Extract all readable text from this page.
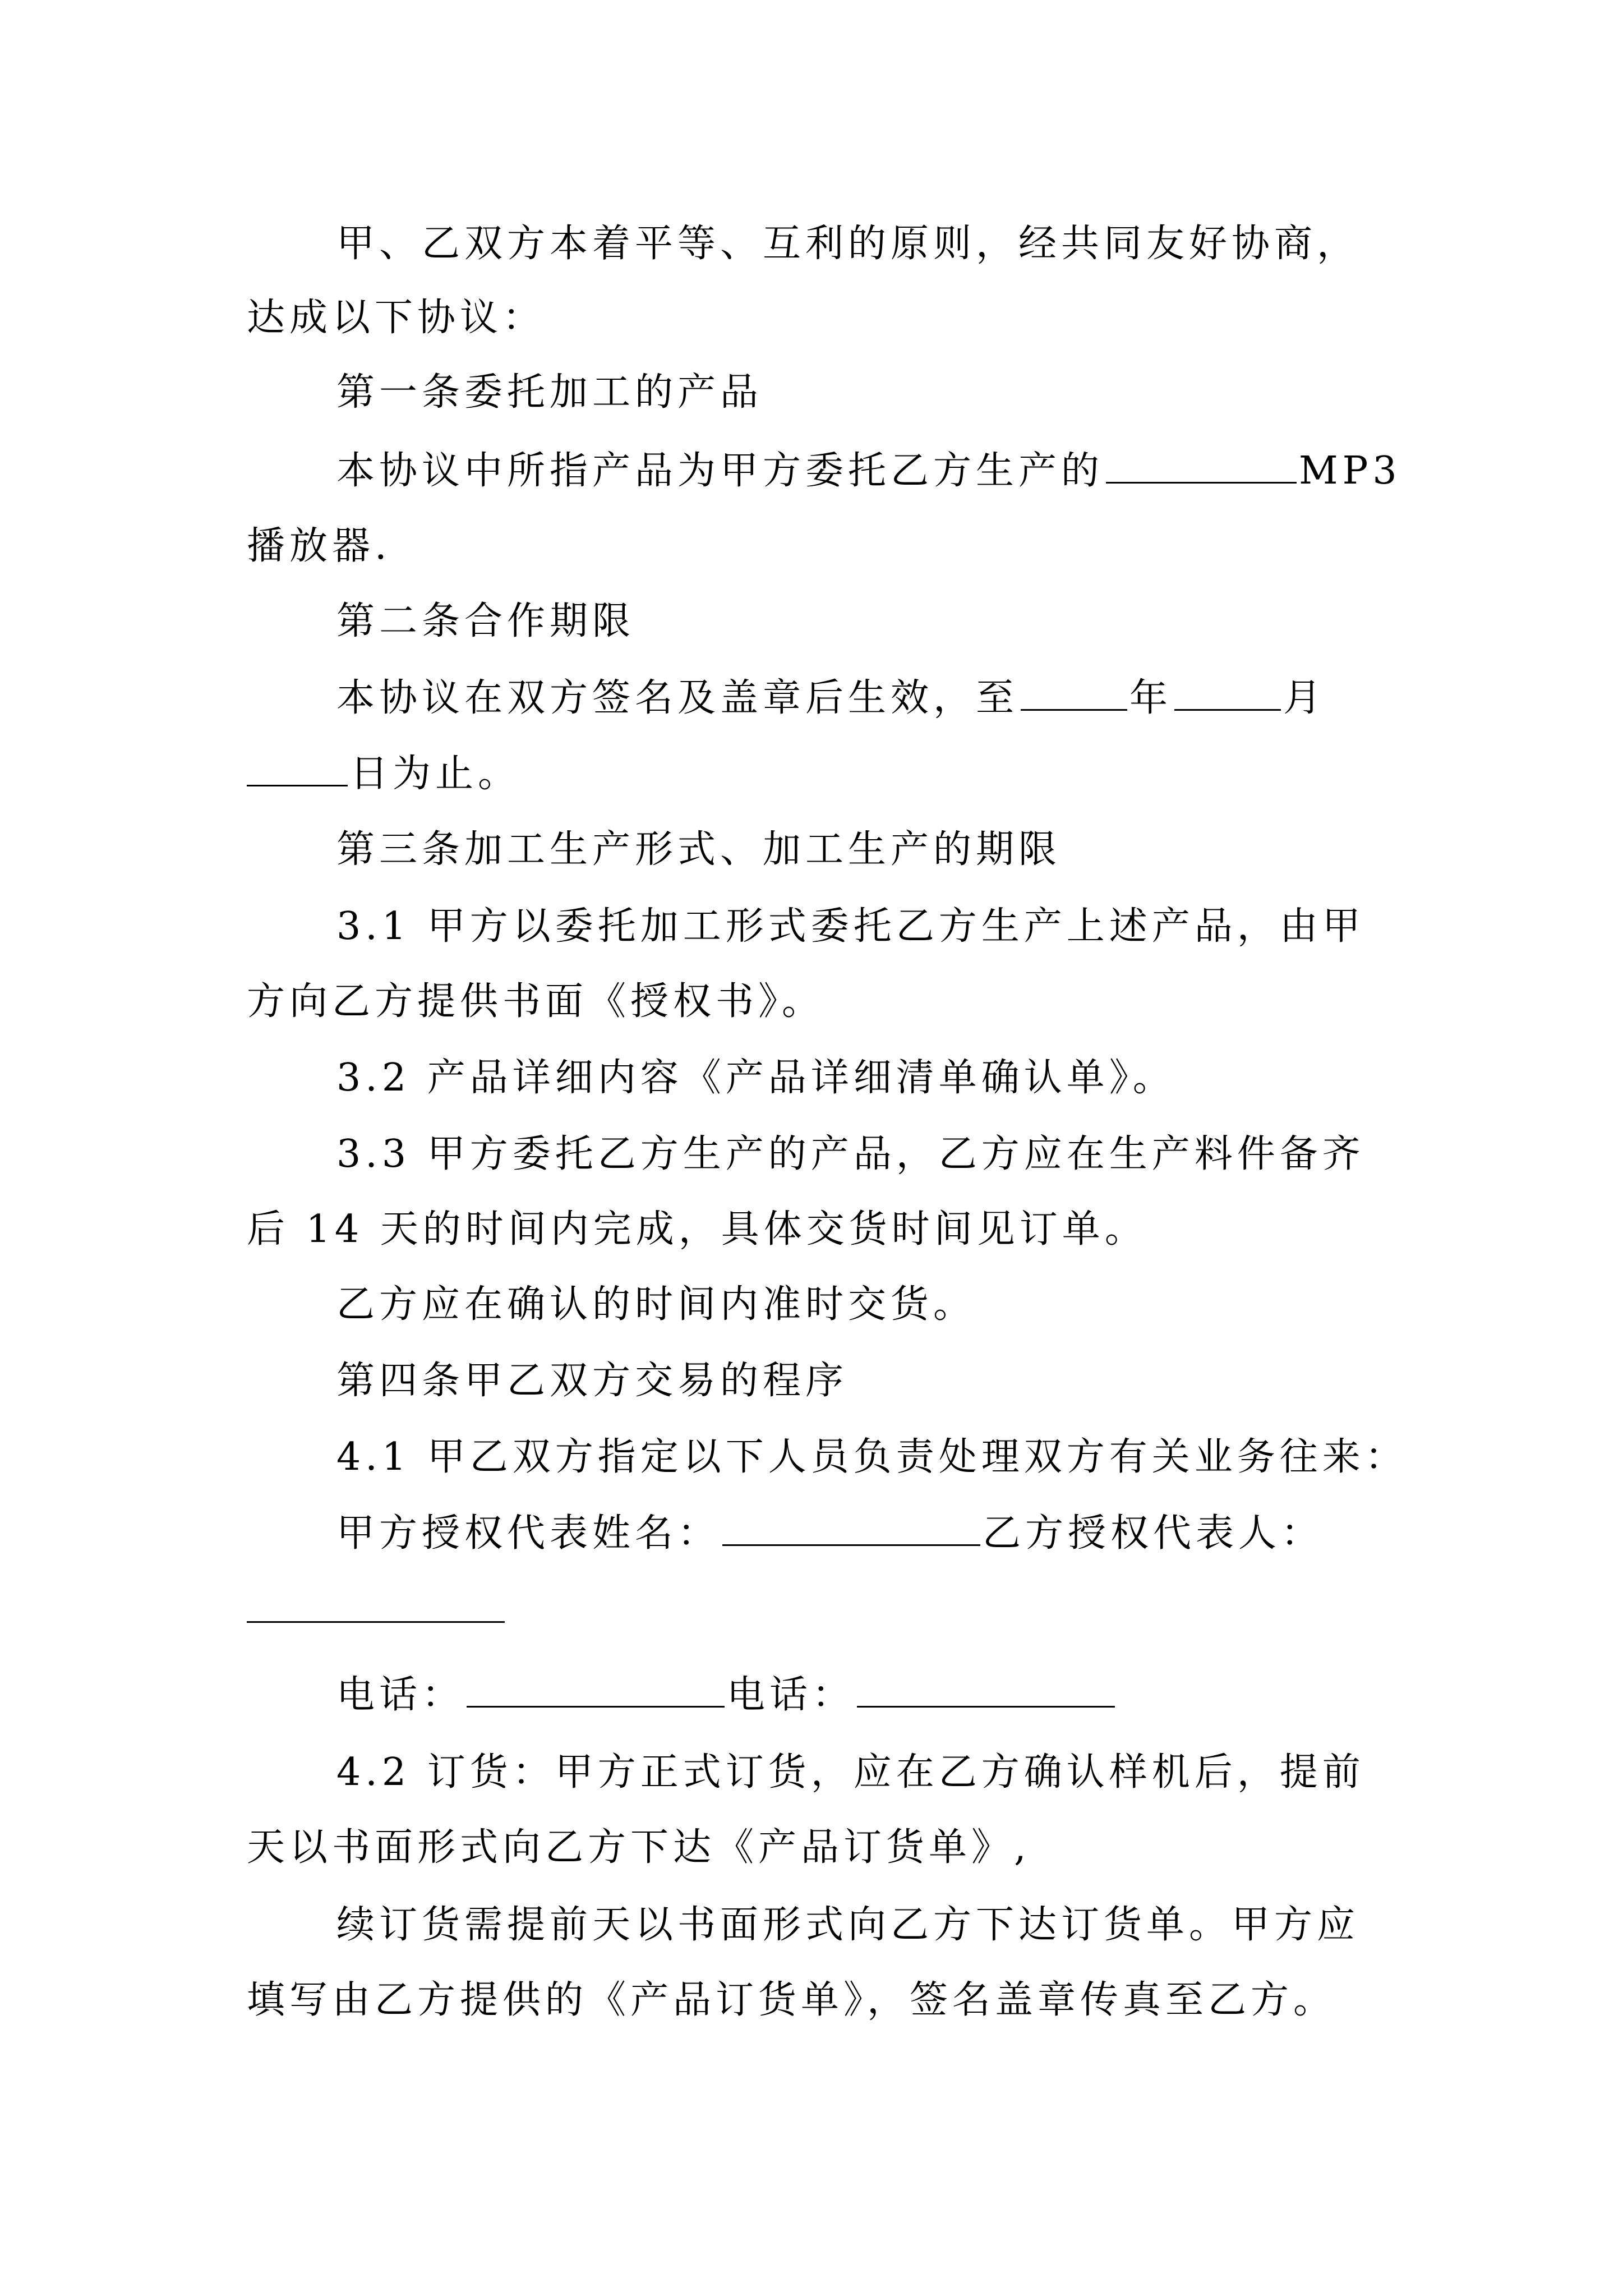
甲、乙双方本着平等、互利的原则，经共同友好协商，

达成以下协议：

第一条委托加工的产品

本协议中所指产品为甲方委托乙方生产的	MP3

播放器.

第二条合作期限

本协议在双方签名及盖章后生效，至	年	月

日为止。

第三条加工生产形式、加工生产的期限

3.1 甲方以委托加工形式委托乙方生产上述产品，由甲

方向乙方提供书面《授权书》。

3.2 产品详细内容《产品详细清单确认单》。

3.3 甲方委托乙方生产的产品，乙方应在生产料件备齐

后 14 天的时间内完成，具体交货时间见订单。

乙方应在确认的时间内准时交货。

第四条甲乙双方交易的程序

4.1 甲乙双方指定以下人员负责处理双方有关业务往来：

甲方授权代表姓名：	乙方授权代表人：

电话：	电话：

4.2 订货：甲方正式订货，应在乙方确认样机后，提前

天以书面形式向乙方下达《产品订货单》,

续订货需提前天以书面形式向乙方下达订货单。甲方应

填写由乙方提供的《产品订货单》，签名盖章传真至乙方。
